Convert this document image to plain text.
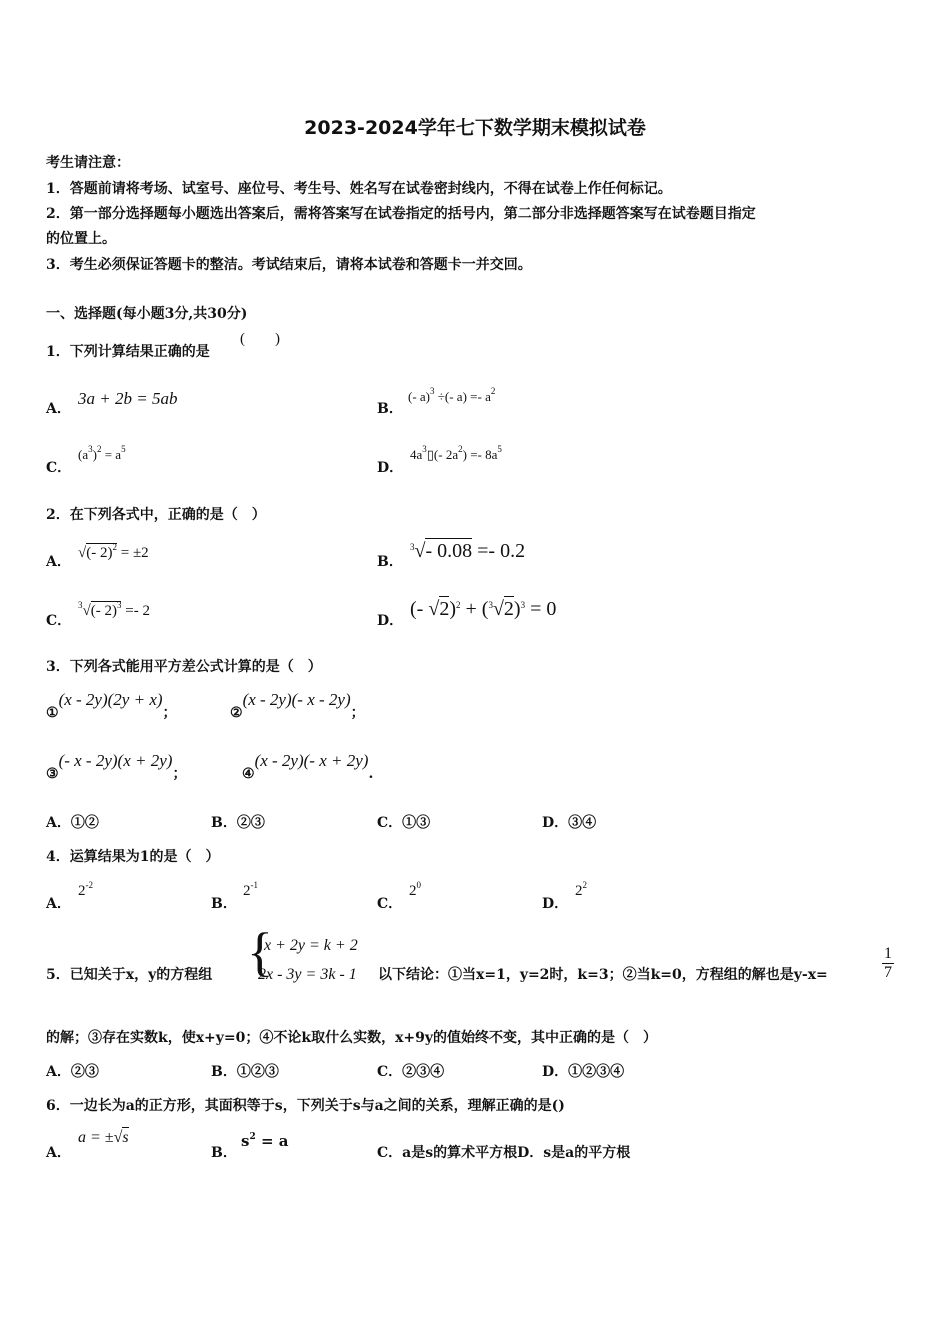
2023-2024学年七下数学期末模拟试卷
考生请注意：
1．答题前请将考场、试室号、座位号、考生号、姓名写在试卷密封线内，不得在试卷上作任何标记。
2．第一部分选择题每小题选出答案后，需将答案写在试卷指定的括号内，第二部分非选择题答案写在试卷题目指定
的位置上。
3．考生必须保证答题卡的整洁。考试结束后，请将本试卷和答题卡一并交回。
一、选择题(每小题3分,共30分)
1．下列计算结果正确的是
(　　)
A．
3a + 2b = 5ab
B．
(- a)$^3$ ÷(- $a) =- a^2$
C．
$(a^3)^2 = a^5$
D．
$4a^3▯(-$ $2a^2) =- 8a^5$
2．在下列各式中，正确的是（　）
A．
√(- 2)$^2$ = ±2
B．
$^3$√- 0.08 =- 0.2
C．
$^3$√(- 2)$^3$ =- 2
D．
(- $√2)^2 + (^3√2)^3 = 0$
3．下列各式能用平方差公式计算的是（　）
①(x - 2y)(2y + x)；	②(x - 2y)(- x - 2y)；
③(- x - 2y)(x + 2y)；	④(x - 2y)(- x + 2y).
A．①②	B．②③	C．①③	D．③④
4．运算结果为1的是（　）
A．
$2^{-2}$
B．
$2^{-1}$
C．
$2^0$
D．
$2^2$
5．已知关于x，y的方程组 {
x + 2y = k + 2
2x - 3y = 3k - 1 以下结论：①当x=1，y=2时，k=3；②当k=0，方程组的解也是y-x=	$\frac{1}{7}$
的解；③存在实数k，使x+y=0；④不论k取什么实数，x+9y的值始终不变，其中正确的是（　）
A．②③	B．①②③	C．②③④	D．①②③④
6．一边长为a的正方形，其面积等于s，下列关于s与a之间的关系，理解正确的是()
A．
a = ±√s
B．
$s^2 = a$
C．a是s的算术平方根D．s是a的平方根
